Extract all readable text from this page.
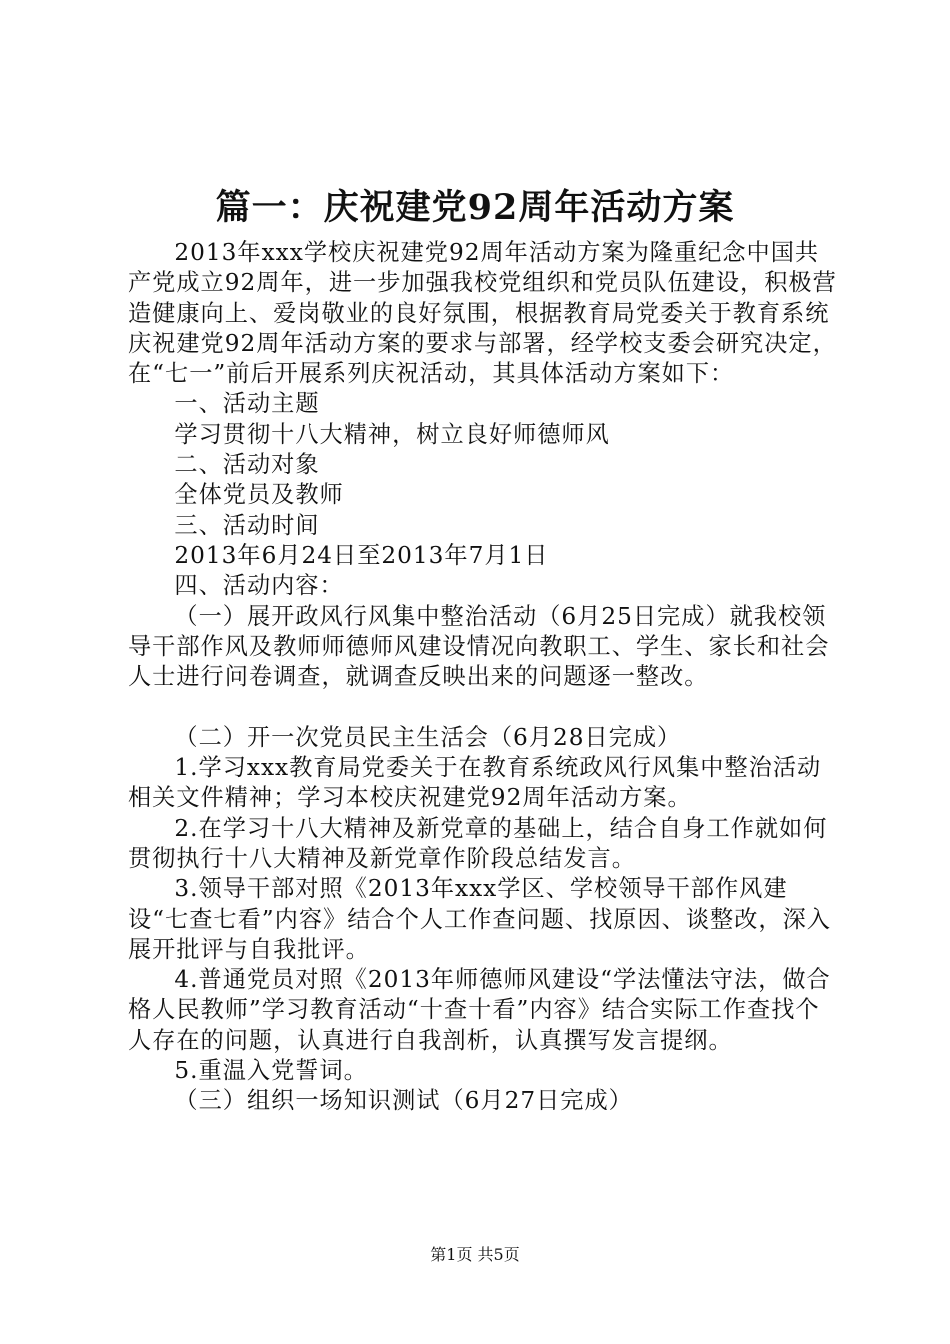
篇一：庆祝建党92周年活动方案

2013年xxx学校庆祝建党92周年活动方案为隆重纪念中国共产党成立92周年，进一步加强我校党组织和党员队伍建设，积极营造健康向上、爱岗敬业的良好氛围，根据教育局党委关于教育系统庆祝建党92周年活动方案的要求与部署，经学校支委会研究决定，在“七一”前后开展系列庆祝活动，其具体活动方案如下：

一、活动主题

学习贯彻十八大精神，树立良好师德师风

二、活动对象

全体党员及教师

三、活动时间

2013年6月24日至2013年7月1日

四、活动内容：

（一）展开政风行风集中整治活动（6月25日完成）就我校领导干部作风及教师师德师风建设情况向教职工、学生、家长和社会人士进行问卷调查，就调查反映出来的问题逐一整改。

（二）开一次党员民主生活会（6月28日完成）

1.学习xxx教育局党委关于在教育系统政风行风集中整治活动相关文件精神；学习本校庆祝建党92周年活动方案。

2.在学习十八大精神及新党章的基础上，结合自身工作就如何贯彻执行十八大精神及新党章作阶段总结发言。

3.领导干部对照《2013年xxx学区、学校领导干部作风建设“七查七看”内容》结合个人工作查问题、找原因、谈整改，深入展开批评与自我批评。

4.普通党员对照《2013年师德师风建设“学法懂法守法，做合格人民教师”学习教育活动“十查十看”内容》结合实际工作查找个人存在的问题，认真进行自我剖析，认真撰写发言提纲。

5.重温入党誓词。

（三）组织一场知识测试（6月27日完成）

第1页 共5页
